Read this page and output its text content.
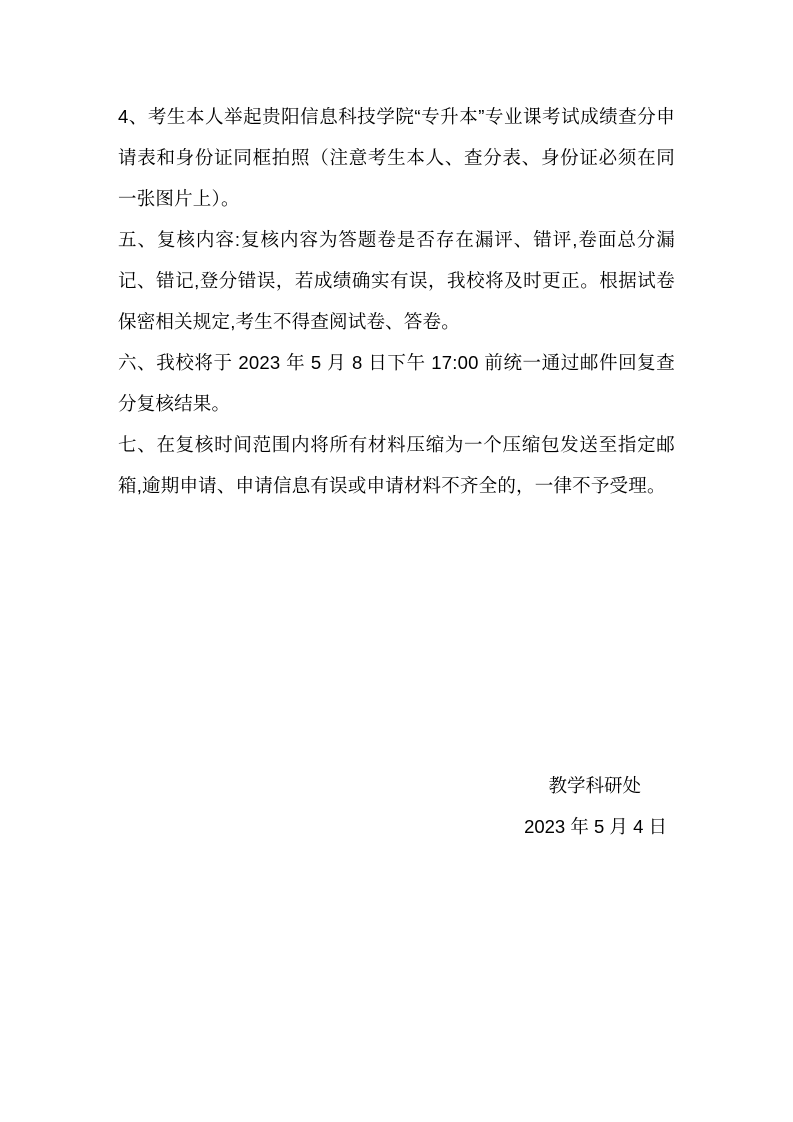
4、考生本人举起贵阳信息科技学院“专升本”专业课考试成绩查分申请表和身份证同框拍照（注意考生本人、查分表、身份证必须在同一张图片上）。

五、复核内容:复核内容为答题卷是否存在漏评、错评,卷面总分漏记、错记,登分错误，若成绩确实有误，我校将及时更正。根据试卷保密相关规定,考生不得查阅试卷、答卷。

六、我校将于 2023 年 5 月 8 日下午 17:00 前统一通过邮件回复查分复核结果。

七、在复核时间范围内将所有材料压缩为一个压缩包发送至指定邮箱,逾期申请、申请信息有误或申请材料不齐全的，一律不予受理。

教学科研处
2023 年 5 月 4 日
